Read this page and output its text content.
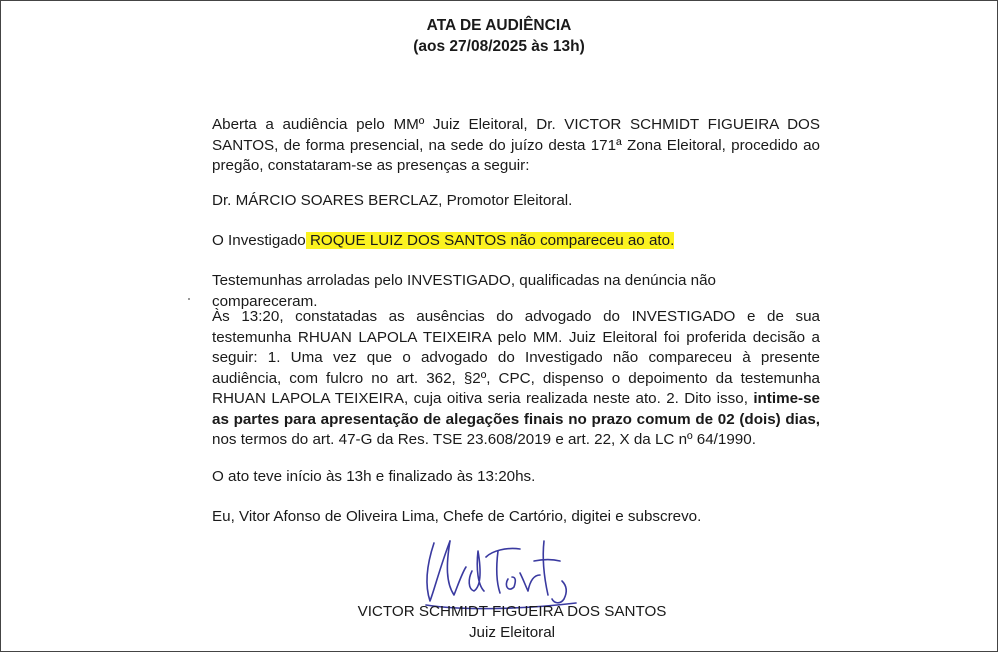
ATA DE AUDIÊNCIA
(aos 27/08/2025 às 13h)
Aberta a audiência pelo MMº Juiz Eleitoral, Dr. VICTOR SCHMIDT FIGUEIRA DOS SANTOS, de forma presencial, na sede do juízo desta 171ª Zona Eleitoral, procedido ao pregão, constataram-se as presenças a seguir:
Dr. MÁRCIO SOARES BERCLAZ, Promotor Eleitoral.
O Investigado ROQUE LUIZ DOS SANTOS não compareceu ao ato.
Testemunhas arroladas pelo INVESTIGADO, qualificadas na denúncia não compareceram.
Às 13:20, constatadas as ausências do advogado do INVESTIGADO e de sua testemunha RHUAN LAPOLA TEIXEIRA pelo MM. Juiz Eleitoral foi proferida decisão a seguir: 1. Uma vez que o advogado do Investigado não compareceu à presente audiência, com fulcro no art. 362, §2º, CPC, dispenso o depoimento da testemunha RHUAN LAPOLA TEIXEIRA, cuja oitiva seria realizada neste ato. 2. Dito isso, intime-se as partes para apresentação de alegações finais no prazo comum de 02 (dois) dias, nos termos do art. 47-G da Res. TSE 23.608/2019 e art. 22, X da LC nº 64/1990.
O ato teve início às 13h e finalizado às 13:20hs.
Eu, Vitor Afonso de Oliveira Lima, Chefe de Cartório, digitei e subscrevo.
VICTOR SCHMIDT FIGUEIRA DOS SANTOS
Juiz Eleitoral
